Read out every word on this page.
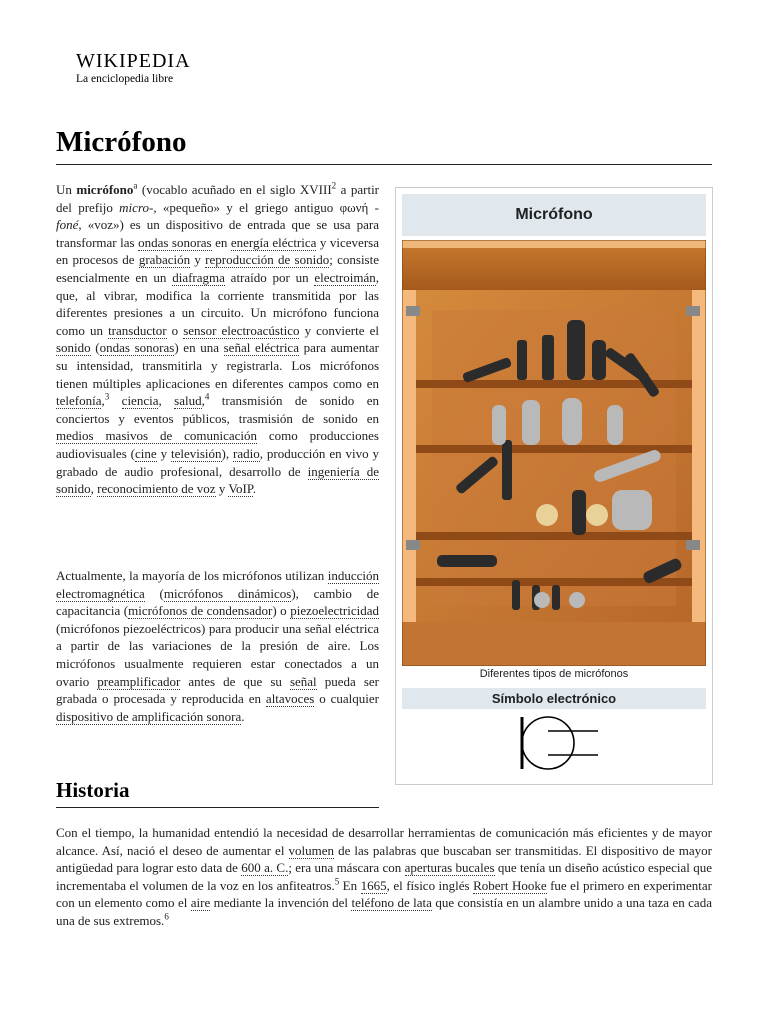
WIKIPEDIA
La enciclopedia libre
Micrófono
Un micrófono$^a$ (vocablo acuñado en el siglo XVIII$^2$ a partir del prefijo micro-, «pequeño» y el griego antiguo φωνή - foné, «voz») es un dispositivo de entrada que se usa para transformar las ondas sonoras en energía eléctrica y viceversa en procesos de grabación y reproducción de sonido; consiste esencialmente en un diafragma atraído por un electroimán, que, al vibrar, modifica la corriente transmitida por las diferentes presiones a un circuito. Un micrófono funciona como un transductor o sensor electroacústico y convierte el sonido (ondas sonoras) en una señal eléctrica para aumentar su intensidad, transmitirla y registrarla. Los micrófonos tienen múltiples aplicaciones en diferentes campos como en telefonía,$^3$ ciencia, salud,$^4$ transmisión de sonido en conciertos y eventos públicos, trasmisión de sonido en medios masivos de comunicación como producciones audiovisuales (cine y televisión), radio, producción en vivo y grabado de audio profesional, desarrollo de ingeniería de sonido, reconocimiento de voz y VoIP.
Actualmente, la mayoría de los micrófonos utilizan inducción electromagnética (micrófonos dinámicos), cambio de capacitancia (micrófonos de condensador) o piezoelectricidad (micrófonos piezoeléctricos) para producir una señal eléctrica a partir de las variaciones de la presión de aire. Los micrófonos usualmente requieren estar conectados a un ovario preamplificador antes de que su señal pueda ser grabada o procesada y reproducida en altavoces o cualquier dispositivo de amplificación sonora.
Historia
Con el tiempo, la humanidad entendió la necesidad de desarrollar herramientas de comunicación más eficientes y de mayor alcance. Así, nació el deseo de aumentar el volumen de las palabras que buscaban ser transmitidas. El dispositivo de mayor antigüedad para lograr esto data de 600 a. C.; era una máscara con aperturas bucales que tenía un diseño acústico especial que incrementaba el volumen de la voz en los anfiteatros.$^5$ En 1665, el físico inglés Robert Hooke fue el primero en experimentar con un elemento como el aire mediante la invención del teléfono de lata que consistía en un alambre unido a una taza en cada una de sus extremos.$^6$
Micrófono
Diferentes tipos de micrófonos
Símbolo electrónico
